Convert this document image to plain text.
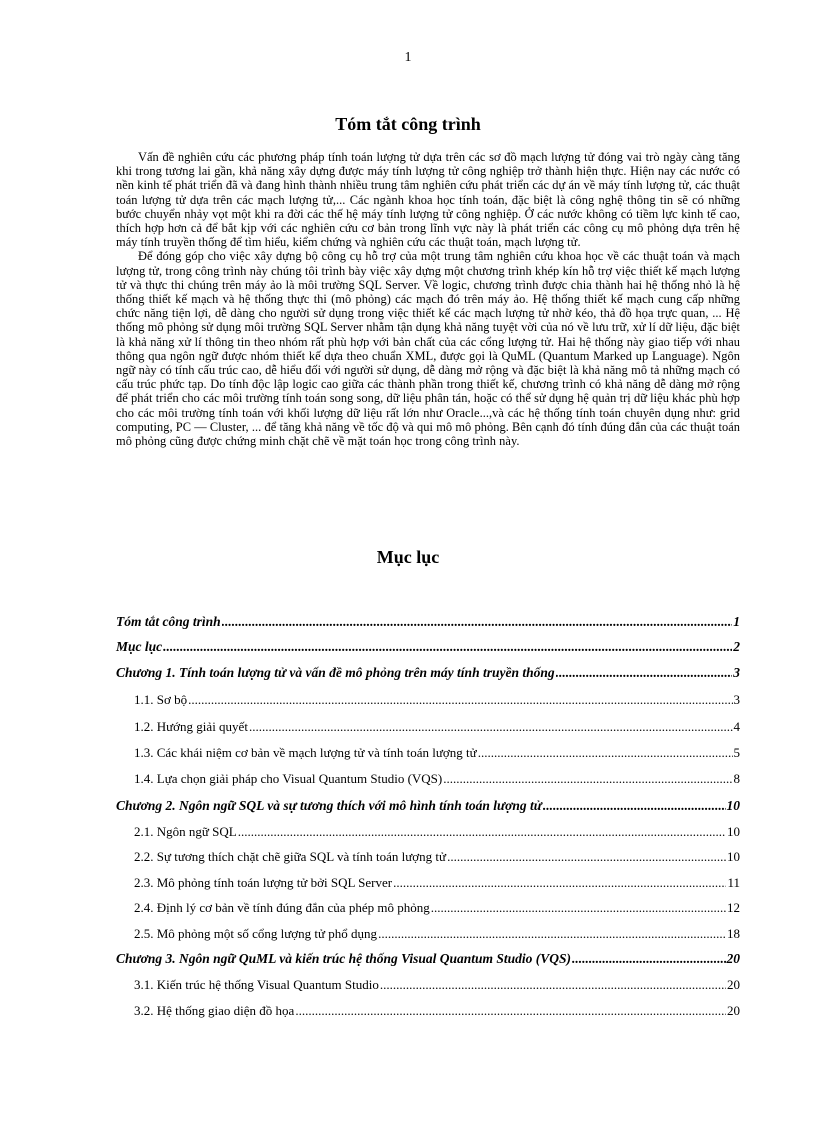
1
Tóm tắt công trình

Vấn đề nghiên cứu các phương pháp tính toán lượng tử dựa trên các sơ đồ mạch lượng tử đóng vai trò ngày càng tăng khi trong tương lai gần, khả năng xây dựng được máy tính lượng tử công nghiệp trở thành hiện thực. Hiện nay các nước có nền kinh tế phát triển đã và đang hình thành nhiều trung tâm nghiên cứu phát triển các dự án về máy tính lượng tử, các thuật toán lượng tử dựa trên các mạch lượng tử,... Các ngành khoa học tính toán, đặc biệt là công nghệ thông tin sẽ có những bước chuyển nhảy vọt một khi ra đời các thế hệ máy tính lượng tử công nghiệp. Ở các nước không có tiềm lực kinh tế cao, thích hợp hơn cả để bắt kịp với các nghiên cứu cơ bản trong lĩnh vực này là phát triển các công cụ mô phỏng dựa trên hệ máy tính truyền thống để tìm hiểu, kiểm chứng và nghiên cứu các thuật toán, mạch lượng tử.

Để đóng góp cho việc xây dựng bộ công cụ hỗ trợ của một trung tâm nghiên cứu khoa học về các thuật toán và mạch lượng tử, trong công trình này chúng tôi trình bày việc xây dựng một chương trình khép kín hỗ trợ việc thiết kế mạch lượng tử và thực thi chúng trên máy ảo là môi trường SQL Server. Về logic, chương trình được chia thành hai hệ thống nhỏ là hệ thống thiết kế mạch và hệ thống thực thi (mô phỏng) các mạch đó trên máy ảo. Hệ thống thiết kế mạch cung cấp những chức năng tiện lợi, dễ dàng cho người sử dụng trong việc thiết kế các mạch lượng tử nhờ kéo, thả đồ họa trực quan, ... Hệ thống mô phỏng sử dụng môi trường SQL Server nhằm tận dụng khả năng tuyệt vời của nó về lưu trữ, xử lí dữ liệu, đặc biệt là khả năng xử lí thông tin theo nhóm rất phù hợp với bản chất của các cổng lượng tử. Hai hệ thống này giao tiếp với nhau thông qua ngôn ngữ được nhóm thiết kế dựa theo chuẩn XML, được gọi là QuML (Quantum Marked up Language). Ngôn ngữ này có tính cấu trúc cao, dễ hiểu đối với người sử dụng, dễ dàng mở rộng và đặc biệt là khả năng mô tả những mạch có cấu trúc phức tạp. Do tính độc lập logic cao giữa các thành phần trong thiết kế, chương trình có khả năng dễ dàng mở rộng để phát triển cho các môi trường tính toán song song, dữ liệu phân tán, hoặc có thể sử dụng hệ quản trị dữ liệu khác phù hợp cho các môi trường tính toán với khối lượng dữ liệu rất lớn như Oracle...,và các hệ thống tính toán chuyên dụng như: grid computing, PC — Cluster, ... để tăng khả năng về tốc độ và qui mô mô phỏng. Bên cạnh đó tính đúng đắn của các thuật toán mô phỏng cũng được chứng minh chặt chẽ về mặt toán học trong công trình này.

Mục lục
Tóm tắt công trình .....	1
Mục lục .....	2
Chương 1. Tính toán lượng tử và vấn đề mô phỏng trên máy tính truyền thống .....	3
1.1. Sơ bộ .....	3
1.2. Hướng giải quyết .....	4
1.3. Các khái niệm cơ bản về mạch lượng tử và tính toán lượng tử .....	5
1.4. Lựa chọn giải pháp cho Visual Quantum Studio (VQS) .....	8
Chương 2. Ngôn ngữ SQL và sự tương thích với mô hình tính toán lượng tử .....	10
2.1. Ngôn ngữ SQL .....	10
2.2. Sự tương thích chặt chẽ giữa SQL và tính toán lượng tử .....	10
2.3. Mô phỏng tính toán lượng tử bởi SQL Server .....	11
2.4. Định lý cơ bản về tính đúng đắn của phép mô phỏng .....	12
2.5. Mô phỏng một số cổng lượng tử phổ dụng .....	18
Chương 3. Ngôn ngữ QuML và kiến trúc hệ thống Visual Quantum Studio (VQS) .....	20
3.1. Kiến trúc hệ thống Visual Quantum Studio .....	20
3.2. Hệ thống giao diện đồ họa .....	20
